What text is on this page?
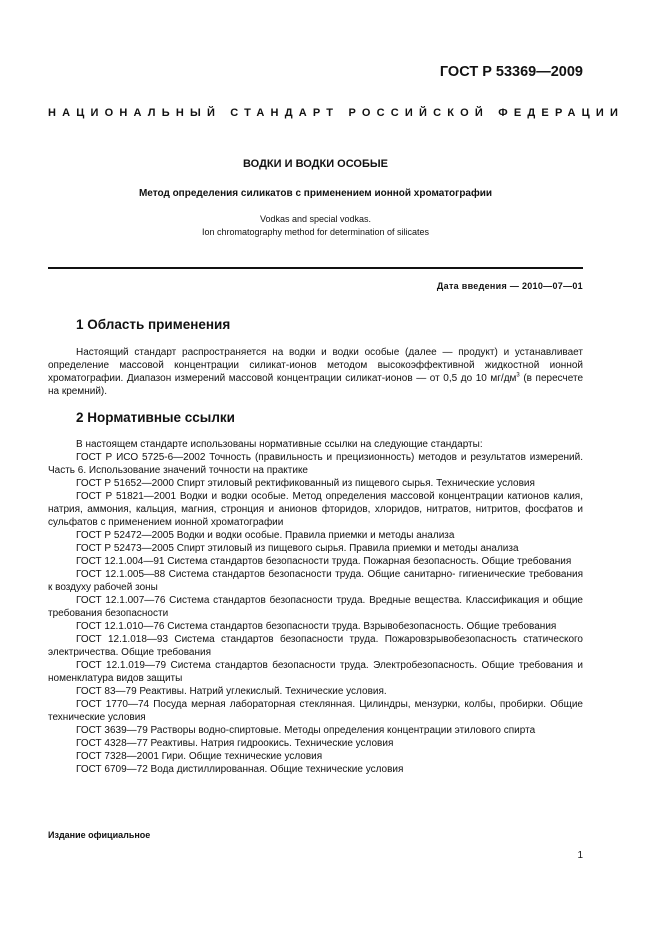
ГОСТ Р 53369—2009
НАЦИОНАЛЬНЫЙ СТАНДАРТ РОССИЙСКОЙ ФЕДЕРАЦИИ
ВОДКИ И ВОДКИ ОСОБЫЕ
Метод определения силикатов с применением ионной хроматографии
Vodkas and special vodkas.
Ion chromatography method for determination of silicates
Дата введения — 2010—07—01
1 Область применения
Настоящий стандарт распространяется на водки и водки особые (далее — продукт) и устанавливает определение массовой концентрации силикат-ионов методом высокоэффективной жидкостной ионной хроматографии. Диапазон измерений массовой концентрации силикат-ионов — от 0,5 до 10 $мг/дм^3$ (в пересчете на кремний).
2 Нормативные ссылки

В настоящем стандарте использованы нормативные ссылки на следующие стандарты:

ГОСТ Р ИСО 5725-6—2002 Точность (правильность и прецизионность) методов и результатов измерений. Часть 6. Использование значений точности на практике

ГОСТ Р 51652—2000 Спирт этиловый ректификованный из пищевого сырья. Технические условия

ГОСТ Р 51821—2001 Водки и водки особые. Метод определения массовой концентрации катионов калия, натрия, аммония, кальция, магния, стронция и анионов фторидов, хлоридов, нитратов, нитритов, фосфатов и сульфатов с применением ионной хроматографии

ГОСТ Р 52472—2005 Водки и водки особые. Правила приемки и методы анализа

ГОСТ Р 52473—2005 Спирт этиловый из пищевого сырья. Правила приемки и методы анализа

ГОСТ 12.1.004—91 Система стандартов безопасности труда. Пожарная безопасность. Общие требования

ГОСТ 12.1.005—88 Система стандартов безопасности труда. Общие санитарно- гигиенические требования к воздуху рабочей зоны

ГОСТ 12.1.007—76 Система стандартов безопасности труда. Вредные вещества. Классификация и общие требования безопасности

ГОСТ 12.1.010—76 Система стандартов безопасности труда. Взрывобезопасность. Общие требования

ГОСТ 12.1.018—93 Система стандартов безопасности труда. Пожаровзрывобезопасность статического электричества. Общие требования

ГОСТ 12.1.019—79 Система стандартов безопасности труда. Электробезопасность. Общие требования и номенклатура видов защиты

ГОСТ 83—79 Реактивы. Натрий углекислый. Технические условия.

ГОСТ 1770—74 Посуда мерная лабораторная стеклянная. Цилиндры, мензурки, колбы, пробирки. Общие технические условия

ГОСТ 3639—79 Растворы водно-спиртовые. Методы определения концентрации этилового спирта

ГОСТ 4328—77 Реактивы. Натрия гидроокись. Технические условия

ГОСТ 7328—2001 Гири. Общие технические условия

ГОСТ 6709—72 Вода дистиллированная. Общие технические условия

Издание официальное
1
